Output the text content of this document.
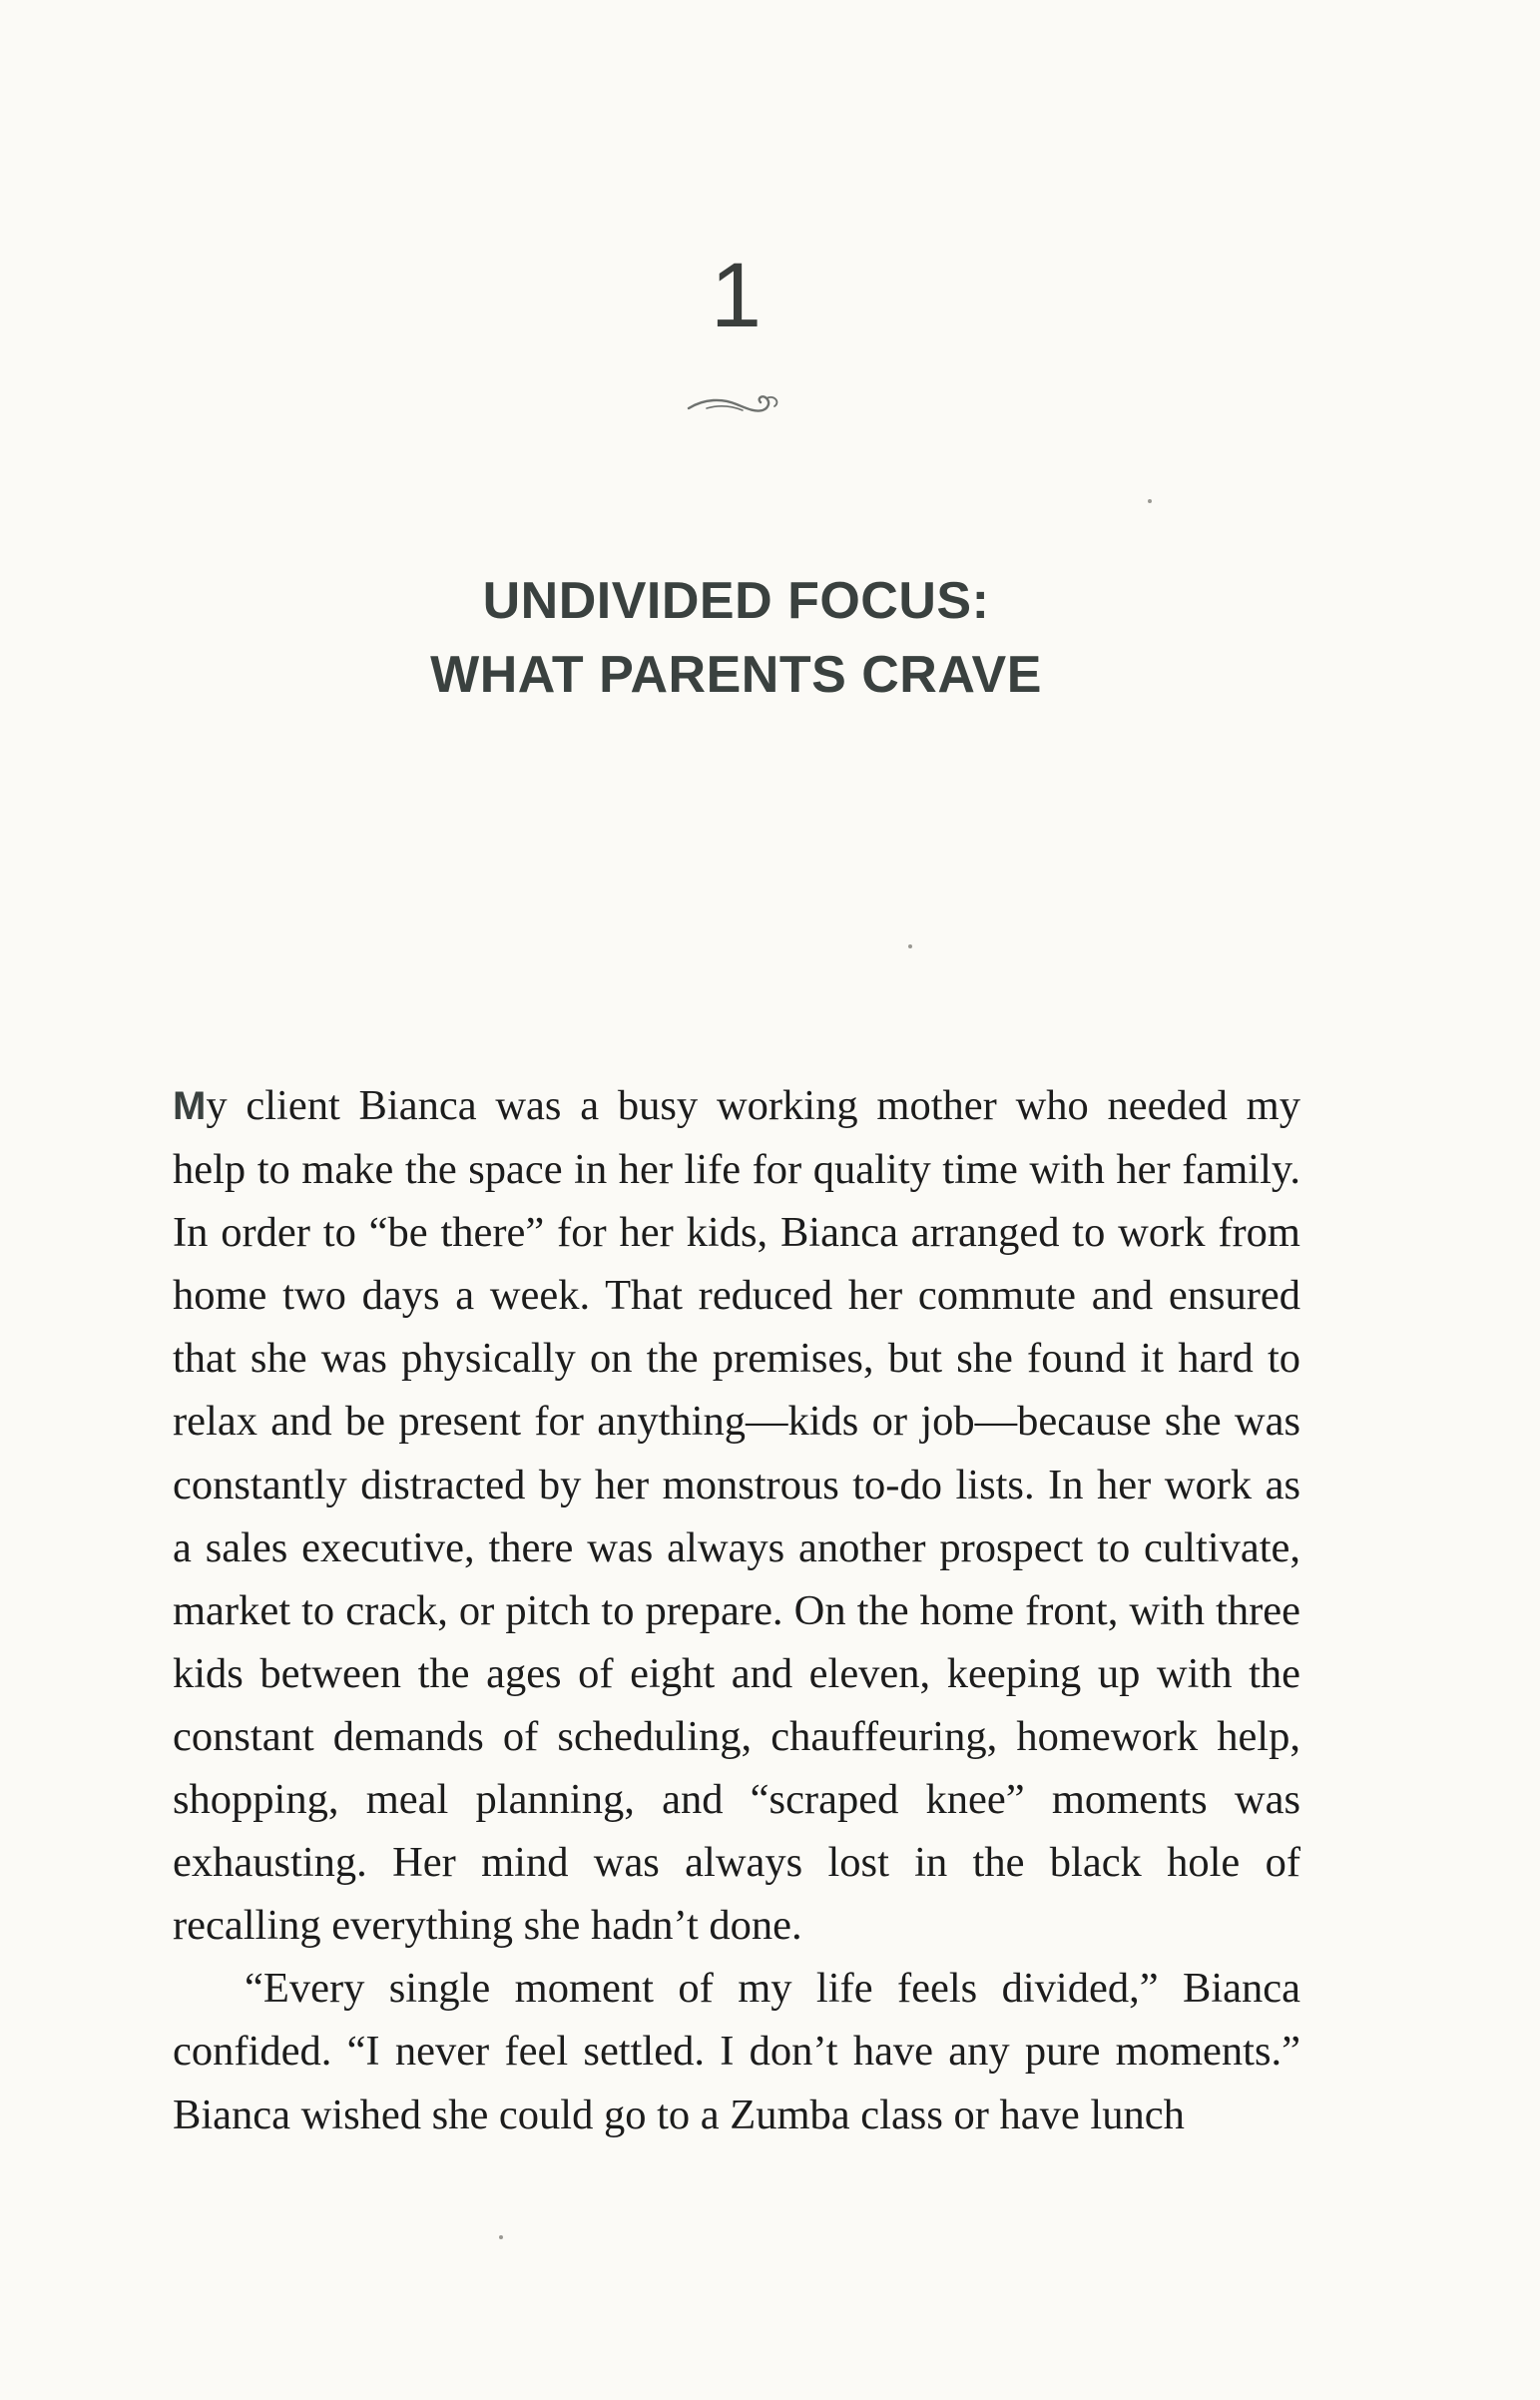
1
UNDIVIDED FOCUS:
WHAT PARENTS CRAVE

My client Bianca was a busy working mother who needed my help to make the space in her life for quality time with her family. In order to “be there” for her kids, Bianca arranged to work from home two days a week. That reduced her commute and ensured that she was physically on the premises, but she found it hard to relax and be present for anything—kids or job—because she was constantly distracted by her monstrous to-do lists. In her work as a sales executive, there was always another prospect to cultivate, market to crack, or pitch to prepare. On the home front, with three kids between the ages of eight and eleven, keeping up with the constant demands of scheduling, chauffeuring, homework help, shopping, meal planning, and “scraped knee” moments was exhausting. Her mind was always lost in the black hole of recalling everything she hadn’t done.

“Every single moment of my life feels divided,” Bianca confided. “I never feel settled. I don’t have any pure moments.” Bianca wished she could go to a Zumba class or have lunch
